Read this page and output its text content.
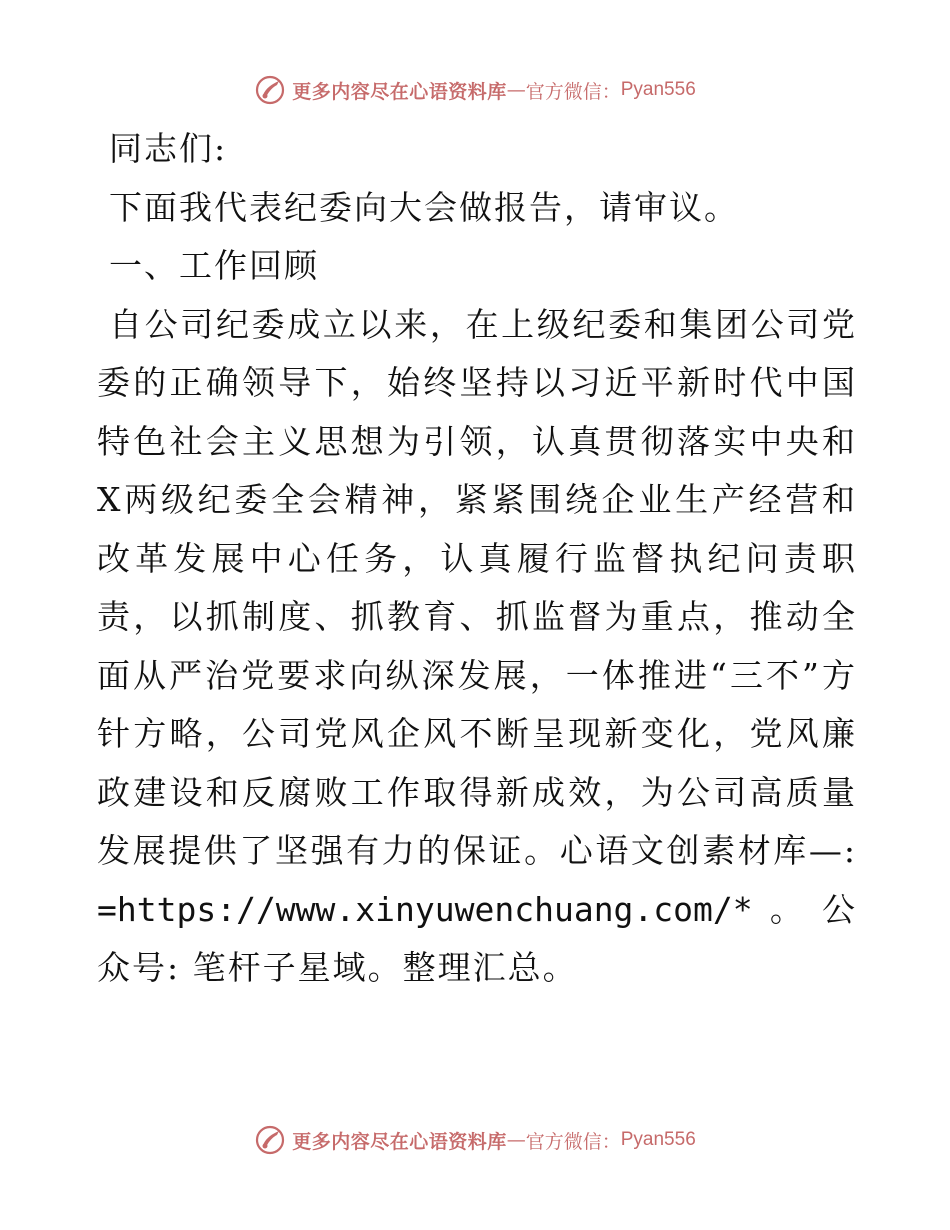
更多内容尽在心语资料库 — 官方微信： Pyan556

同志们:

下面我代表纪委向大会做报告，请审议。

一、工作回顾

自公司纪委成立以来，在上级纪委和集团公司党委的正确领导下，始终坚持以习近平新时代中国特色社会主义思想为引领，认真贯彻落实中央和X两级纪委全会精神，紧紧围绕企业生产经营和改革发展中心任务，认真履行监督执纪问责职责，以抓制度、抓教育、抓监督为重点，推动全面从严治党要求向纵深发展，一体推进“三不”方针方略，公司党风企风不断呈现新变化，党风廉政建设和反腐败工作取得新成效，为公司高质量发展提供了坚强有力的保证。心语文创素材库—: =https://www.xinyuwenchuang.com/*。公众号: 笔杆子星域。整理汇总。

更多内容尽在心语资料库 — 官方微信： Pyan556
